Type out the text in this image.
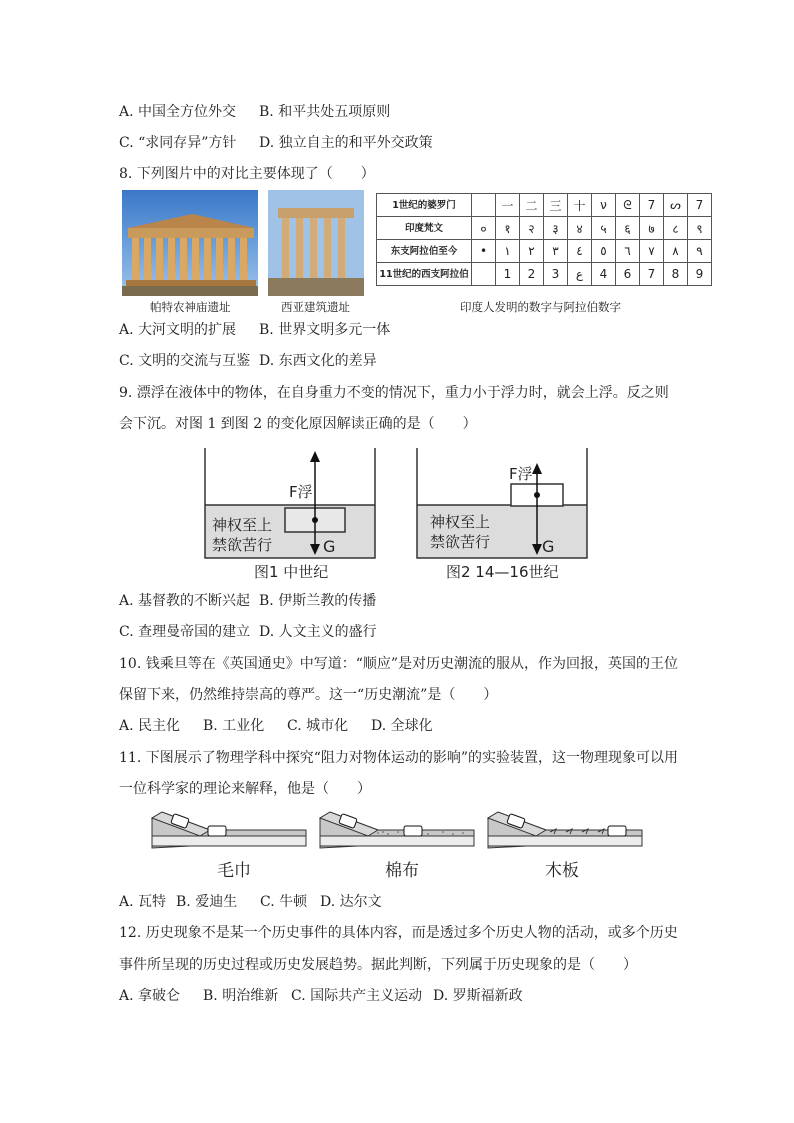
A. 中国全方位外交 B. 和平共处五项原则
C. “求同存异”方针 D. 独立自主的和平外交政策
8. 下列图片中的对比主要体现了（　　）
1世纪的婆罗门		一	二	三	十	ν	ᘓ	7	ᔕ	7
印度梵文	०	१	२	३	४	५	६	७	८	९
东支阿拉伯至今	•	١	٢	٣	٤	٥	٦	٧	٨	٩
11世纪的西支阿拉伯		1	2	3	ع	4	6	7	8	9
帕特农神庙遗址	西亚建筑遗址	印度人发明的数字与阿拉伯数字
A. 大河文明的扩展 B. 世界文明多元一体
C. 文明的交流与互鉴 D. 东西文化的差异
9. 漂浮在液体中的物体，在自身重力不变的情况下，重力小于浮力时，就会上浮。反之则
会下沉。对图 1 到图 2 的变化原因解读正确的是（　　）
F浮
G
神权至上
禁欲苦行
图1 中世纪
F浮
G
神权至上
禁欲苦行
图2 14—16世纪
A. 基督教的不断兴起 B. 伊斯兰教的传播
C. 查理曼帝国的建立 D. 人文主义的盛行
10. 钱乘旦等在《英国通史》中写道：“顺应”是对历史潮流的服从，作为回报，英国的王位
保留下来，仍然维持崇高的尊严。这一“历史潮流”是（　　）
A. 民主化 B. 工业化 C. 城市化 D. 全球化
11. 下图展示了物理学科中探究“阻力对物体运动的影响”的实验装置，这一物理现象可以用
一位科学家的理论来解释，他是（　　）
毛巾	棉布	木板
A. 瓦特 B. 爱迪生 C. 牛顿 D. 达尔文
12. 历史现象不是某一个历史事件的具体内容，而是透过多个历史人物的活动，或多个历史
事件所呈现的历史过程或历史发展趋势。据此判断，下列属于历史现象的是（　　）
A. 拿破仑 B. 明治维新 C. 国际共产主义运动 D. 罗斯福新政
